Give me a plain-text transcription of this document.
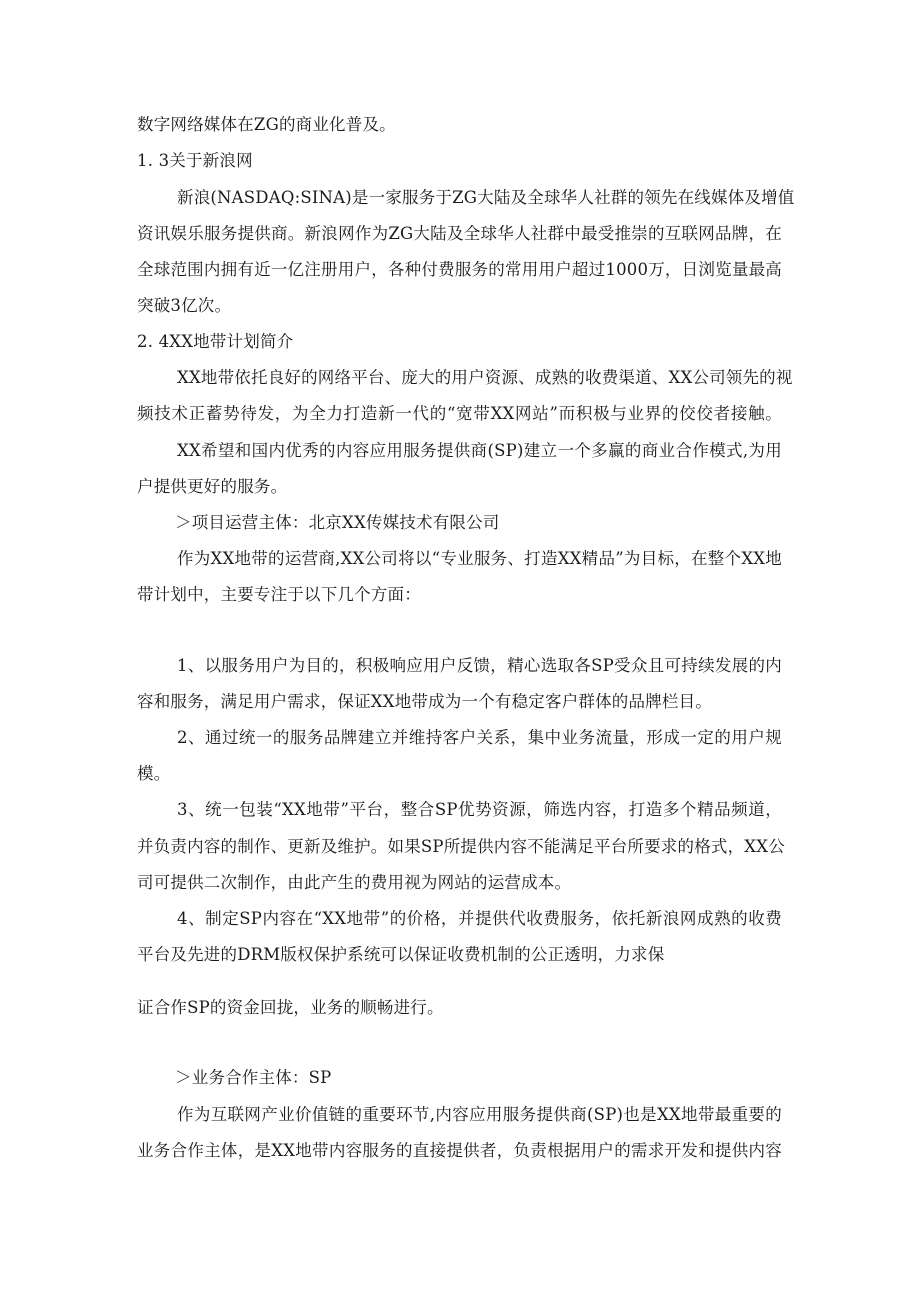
数字网络媒体在ZG的商业化普及。
1. 3关于新浪网
新浪(NASDAQ:SINA)是一家服务于ZG大陆及全球华人社群的领先在线媒体及增值
资讯娱乐服务提供商。新浪网作为ZG大陆及全球华人社群中最受推崇的互联网品牌，在
全球范围内拥有近一亿注册用户，各种付费服务的常用用户超过1000万，日浏览量最高
突破3亿次。
2. 4XX地带计划简介
XX地带依托良好的网络平台、庞大的用户资源、成熟的收费渠道、XX公司领先的视
频技术正蓄势待发，为全力打造新一代的“宽带XX网站”而积极与业界的佼佼者接触。
XX希望和国内优秀的内容应用服务提供商(SP)建立一个多赢的商业合作模式,为用
户提供更好的服务。
＞项目运营主体：北京XX传媒技术有限公司
作为XX地带的运营商,XX公司将以“专业服务、打造XX精品”为目标，在整个XX地
带计划中，主要专注于以下几个方面：
1、以服务用户为目的，积极响应用户反馈，精心选取各SP受众且可持续发展的内
容和服务，满足用户需求，保证XX地带成为一个有稳定客户群体的品牌栏目。
2、通过统一的服务品牌建立并维持客户关系，集中业务流量，形成一定的用户规
模。
3、统一包装“XX地带”平台，整合SP优势资源，筛选内容，打造多个精品频道，
并负责内容的制作、更新及维护。如果SP所提供内容不能满足平台所要求的格式，XX公
司可提供二次制作，由此产生的费用视为网站的运营成本。
4、制定SP内容在“XX地带”的价格，并提供代收费服务，依托新浪网成熟的收费
平台及先进的DRM版权保护系统可以保证收费机制的公正透明，力求保
证合作SP的资金回拢，业务的顺畅进行。
＞业务合作主体：SP
作为互联网产业价值链的重要环节,内容应用服务提供商(SP)也是XX地带最重要的
业务合作主体，是XX地带内容服务的直接提供者，负责根据用户的需求开发和提供内容
